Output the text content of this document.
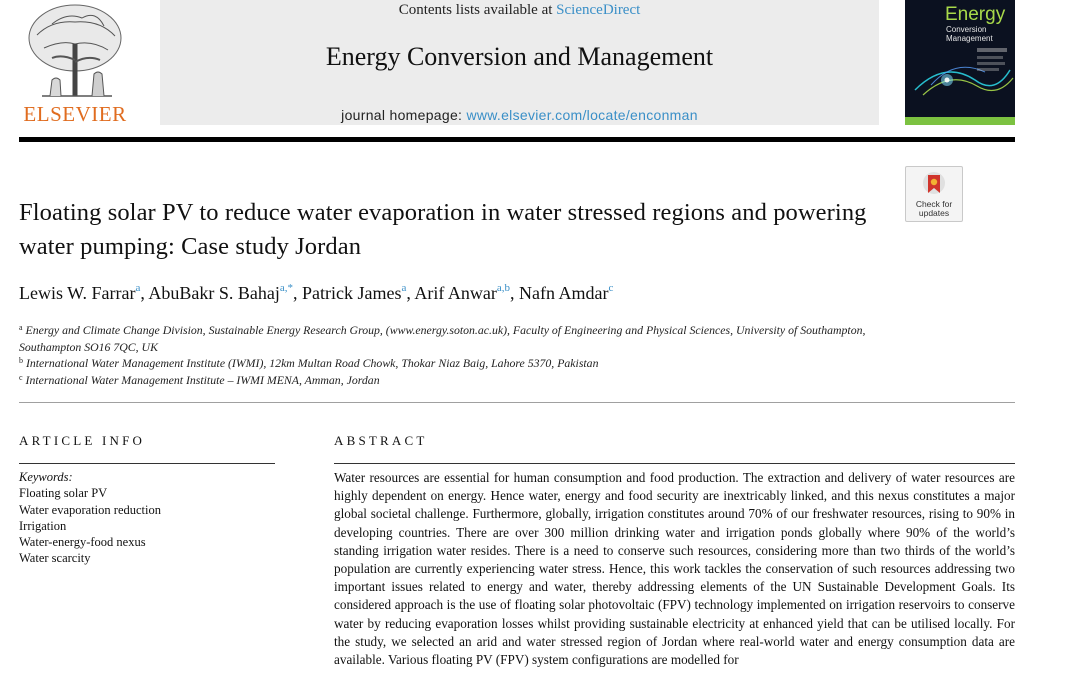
ELSEVIER
Contents lists available at ScienceDirect
Energy Conversion and Management
journal homepage: www.elsevier.com/locate/enconman
Energy
Conversion
Management
Check for
updates
Floating solar PV to reduce water evaporation in water stressed regions and powering water pumping: Case study Jordan
Lewis W. Farrar$^a$, AbuBakr S. Bahaj$^{a,*}$, Patrick James$^a$, Arif Anwar$^{a,b}$, Nafn Amdar$^c$
$^a$ Energy and Climate Change Division, Sustainable Energy Research Group, (www.energy.soton.ac.uk), Faculty of Engineering and Physical Sciences, University of Southampton, Southampton SO16 7QC, UK
$^b$ International Water Management Institute (IWMI), 12km Multan Road Chowk, Thokar Niaz Baig, Lahore 5370, Pakistan
$^c$ International Water Management Institute – IWMI MENA, Amman, Jordan
ARTICLE INFO
Keywords:
Floating solar PV
Water evaporation reduction
Irrigation
Water-energy-food nexus
Water scarcity
ABSTRACT
Water resources are essential for human consumption and food production. The extraction and delivery of water resources are highly dependent on energy. Hence water, energy and food security are inextricably linked, and this nexus constitutes a major global societal challenge. Furthermore, globally, irrigation constitutes around 70% of our freshwater resources, rising to 90% in developing countries. There are over 300 million drinking water and irrigation ponds globally where 90% of the world’s standing irrigation water resides. There is a need to conserve such resources, considering more than two thirds of the world’s population are currently experiencing water stress. Hence, this work tackles the conservation of such resources addressing two important issues related to energy and water, thereby addressing elements of the UN Sustainable Development Goals. Its considered approach is the use of floating solar photovoltaic (FPV) technology implemented on irrigation reservoirs to conserve water by reducing evaporation losses whilst providing sustainable electricity at enhanced yield that can be utilised locally. For the study, we selected an arid and water stressed region of Jordan where real-world water and energy consumption data are available. Various floating PV (FPV) system configurations are modelled for
